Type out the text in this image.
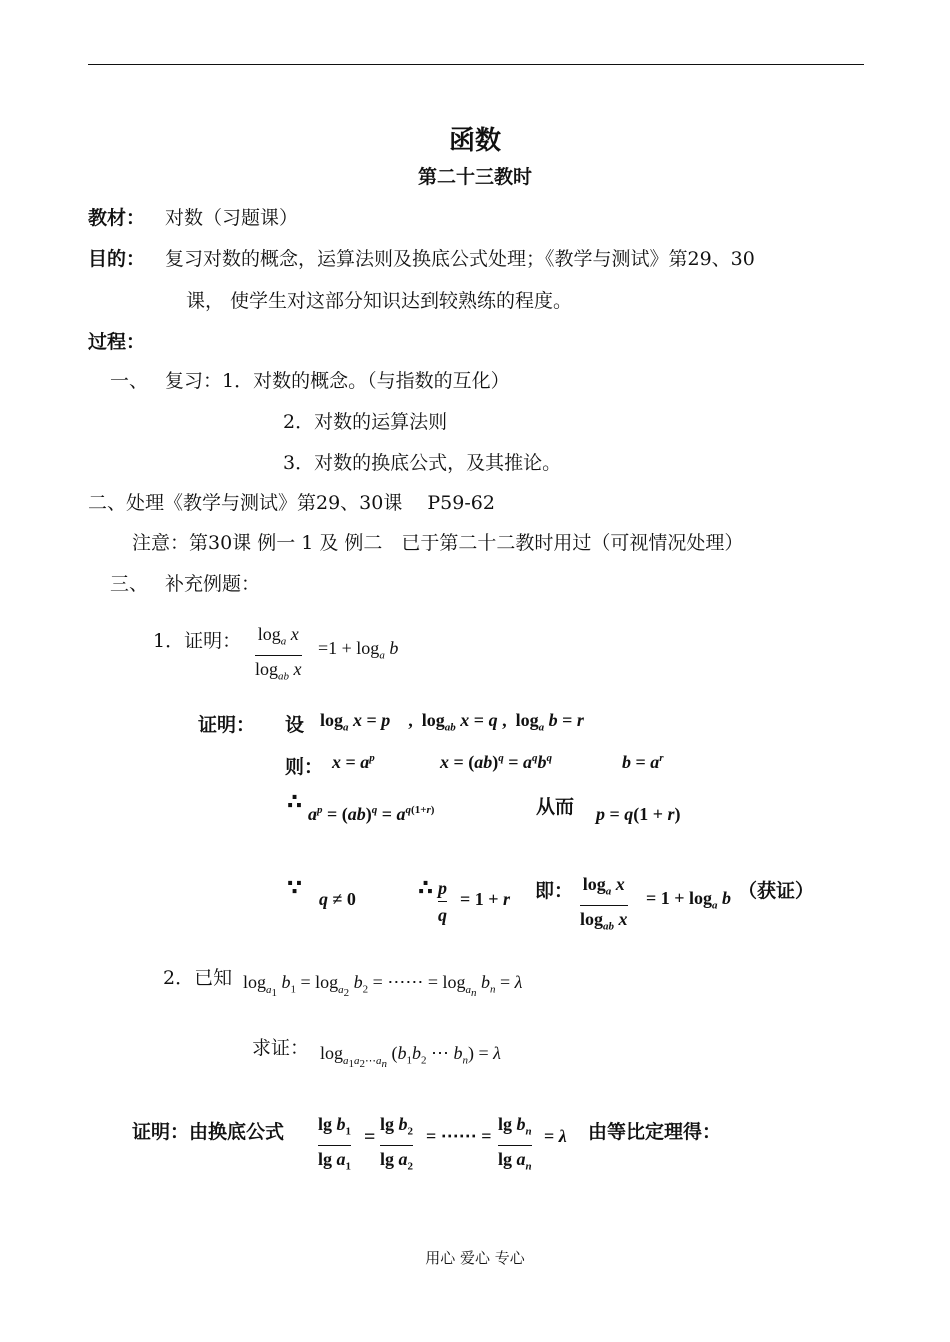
函数
第二十三教时
教材： 对数（习题课）
目的： 复习对数的概念，运算法则及换底公式处理；《教学与测试》第29、30
课， 使学生对这部分知识达到较熟练的程度。
过程：
一、 复习：1．对数的概念。（与指数的互化）
2．对数的运算法则
3．对数的换底公式，及其推论。
二、处理《教学与测试》第29、30课　 P59-62
注意：第30课 例一 1 及 例二　已于第二十二教时用过（可视情况处理）
三、 补充例题：
1．证明： $\log_a x$
$\log_{ab} x$
$=1 + \log_a b$
证明： 设 $\log_a x = p$    ,  $\log_{ab} x = q$ ,  $\log_a b = r$
则： $x = a^p$	$x = (ab)^q = a^qb^q$	$b = a^r$
∴ $a^p = (ab)^q = a^{q(1+r)}$	从而 p = q(1 + r)
∵ q ≠ 0	∴ p
q
= 1 + r 即： $\log_a x$
$\log_{ab} x$
= $1 + \log_a b$ （获证）
2．已知 $\log_{a_1} b_1 = \log_{a_2} b_2$ = ⋯⋯ = $\log_{a_n} b_n = \lambda$
求证： $\log_{a_1a_2\cdots a_n} (b_1b_2$ ⋯ $b_n) = \lambda$
证明：由换底公式 $\lg b_1$
$\lg a_1$
=
$\lg b_2$
$\lg a_2$
= ⋯⋯ =
$\lg b_n$
$\lg a_n$
= λ 由等比定理得：
用心 爱心 专心
